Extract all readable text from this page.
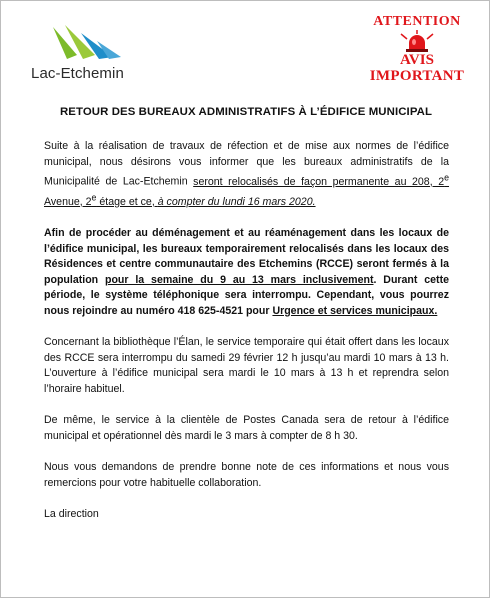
Lac-Etchemin
ATTENTION
AVIS
IMPORTANT
RETOUR DES BUREAUX ADMINISTRATIFS À L’ÉDIFICE MUNICIPAL

Suite à la réalisation de travaux de réfection et de mise aux normes de l’édifice municipal, nous désirons vous informer que les bureaux administratifs de la Municipalité de Lac-Etchemin seront relocalisés de façon permanente au 208, 2e Avenue, 2e étage et ce, à compter du lundi 16 mars 2020.

Afin de procéder au déménagement et au réaménagement dans les locaux de l’édifice municipal, les bureaux temporairement relocalisés dans les locaux des Résidences et centre communautaire des Etchemins (RCCE) seront fermés à la population pour la semaine du 9 au 13 mars inclusivement. Durant cette période, le système téléphonique sera interrompu. Cependant, vous pourrez nous rejoindre au numéro 418 625-4521 pour Urgence et services municipaux.

Concernant la bibliothèque l’Élan, le service temporaire qui était offert dans les locaux des RCCE sera interrompu du samedi 29 février 12 h jusqu’au mardi 10 mars à 13 h. L’ouverture à l’édifice municipal sera mardi le 10 mars à 13 h et reprendra selon l’horaire habituel.

De même, le service à la clientèle de Postes Canada sera de retour à l’édifice municipal et opérationnel dès mardi le 3 mars à compter de 8 h 30.

Nous vous demandons de prendre bonne note de ces informations et nous vous remercions pour votre habituelle collaboration.

La direction
